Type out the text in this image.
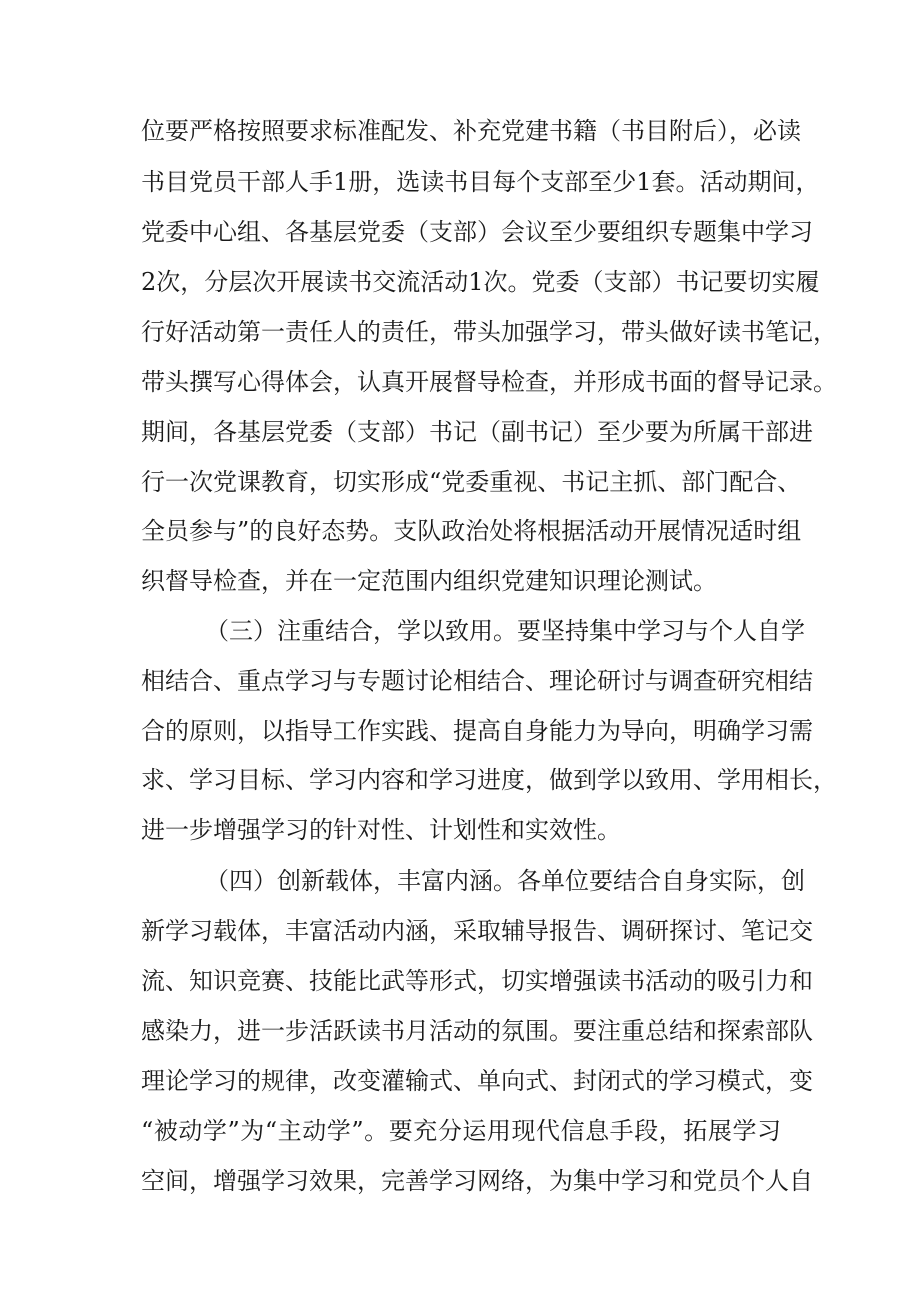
位要严格按照要求标准配发、补充党建书籍（书目附后），必读
书目党员干部人手1册，选读书目每个支部至少1套。活动期间，
党委中心组、各基层党委（支部）会议至少要组织专题集中学习
2次，分层次开展读书交流活动1次。党委（支部）书记要切实履
行好活动第一责任人的责任，带头加强学习，带头做好读书笔记，
带头撰写心得体会，认真开展督导检查，并形成书面的督导记录。
期间，各基层党委（支部）书记（副书记）至少要为所属干部进
行一次党课教育，切实形成“党委重视、书记主抓、部门配合、
全员参与”的良好态势。支队政治处将根据活动开展情况适时组
织督导检查，并在一定范围内组织党建知识理论测试。
（三）注重结合，学以致用。要坚持集中学习与个人自学
相结合、重点学习与专题讨论相结合、理论研讨与调查研究相结
合的原则，以指导工作实践、提高自身能力为导向，明确学习需
求、学习目标、学习内容和学习进度，做到学以致用、学用相长，
进一步增强学习的针对性、计划性和实效性。
（四）创新载体，丰富内涵。各单位要结合自身实际，创
新学习载体，丰富活动内涵，采取辅导报告、调研探讨、笔记交
流、知识竞赛、技能比武等形式，切实增强读书活动的吸引力和
感染力，进一步活跃读书月活动的氛围。要注重总结和探索部队
理论学习的规律，改变灌输式、单向式、封闭式的学习模式，变
“被动学”为“主动学”。要充分运用现代信息手段，拓展学习
空间，增强学习效果，完善学习网络，为集中学习和党员个人自
